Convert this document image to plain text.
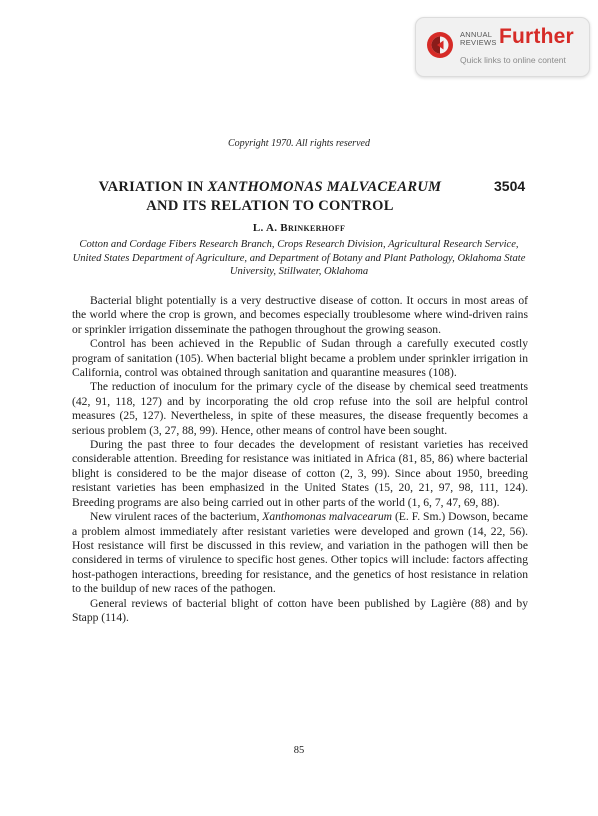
ANNUAL
REVIEWS Further
Quick links to online content
Copyright 1970. All rights reserved
VARIATION IN XANTHOMONAS MALVACEARUM
AND ITS RELATION TO CONTROL
3504
L. A. Brinkerhoff
Cotton and Cordage Fibers Research Branch, Crops Research Division, Agricultural Research Service, United States Department of Agriculture, and Department of Botany and Plant Pathology, Oklahoma State University, Stillwater, Oklahoma

Bacterial blight potentially is a very destructive disease of cotton. It occurs in most areas of the world where the crop is grown, and becomes especially troublesome where wind-driven rains or sprinkler irrigation disseminate the pathogen throughout the growing season.

Control has been achieved in the Republic of Sudan through a carefully executed costly program of sanitation (105). When bacterial blight became a problem under sprinkler irrigation in California, control was obtained through sanitation and quarantine measures (108).

The reduction of inoculum for the primary cycle of the disease by chemical seed treatments (42, 91, 118, 127) and by incorporating the old crop refuse into the soil are helpful control measures (25, 127). Nevertheless, in spite of these measures, the disease frequently becomes a serious problem (3, 27, 88, 99). Hence, other means of control have been sought.

During the past three to four decades the development of resistant varieties has received considerable attention. Breeding for resistance was initiated in Africa (81, 85, 86) where bacterial blight is considered to be the major disease of cotton (2, 3, 99). Since about 1950, breeding resistant varieties has been emphasized in the United States (15, 20, 21, 97, 98, 111, 124). Breeding programs are also being carried out in other parts of the world (1, 6, 7, 47, 69, 88).

New virulent races of the bacterium, Xanthomonas malvacearum (E. F. Sm.) Dowson, became a problem almost immediately after resistant varieties were developed and grown (14, 22, 56). Host resistance will first be discussed in this review, and variation in the pathogen will then be considered in terms of virulence to specific host genes. Other topics will include: factors affecting host-pathogen interactions, breeding for resistance, and the genetics of host resistance in relation to the buildup of new races of the pathogen.

General reviews of bacterial blight of cotton have been published by Lagière (88) and by Stapp (114).

85
